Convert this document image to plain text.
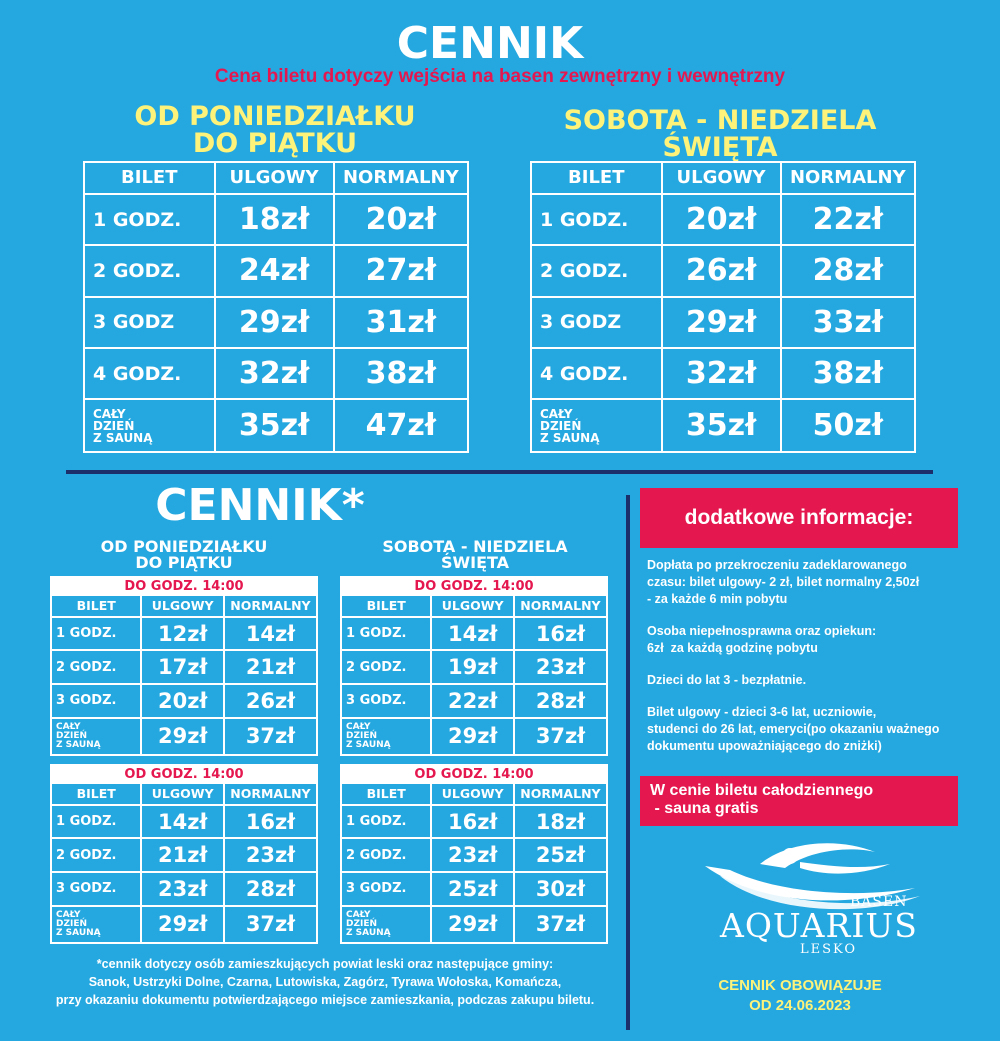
CENNIK
Cena biletu dotyczy wejścia na basen zewnętrzny i wewnętrzny
OD PONIEDZIAŁKU
DO PIĄTKU
SOBOTA - NIEDZIELA
ŚWIĘTA
BILET	ULGOWY	NORMALNY
1 GODZ.	18zł	20zł
2 GODZ.	24zł	27zł
3 GODZ	29zł	31zł
4 GODZ.	32zł	38zł

CAŁY
DZIEŃ
Z SAUNĄ	35zł	47zł
BILET	ULGOWY	NORMALNY
1 GODZ.	20zł	22zł
2 GODZ.	26zł	28zł
3 GODZ	29zł	33zł
4 GODZ.	32zł	38zł

CAŁY
DZIEŃ
Z SAUNĄ	35zł	50zł
CENNIK*
OD PONIEDZIAŁKU
DO PIĄTKU
SOBOTA - NIEDZIELA
ŚWIĘTA
DO GODZ. 14:00		
BILET	ULGOWY	NORMALNY
1 GODZ.	12zł	14zł
2 GODZ.	17zł	21zł
3 GODZ.	20zł	26zł

CAŁY
DZIEŃ
Z SAUNĄ	29zł	37zł
DO GODZ. 14:00		
BILET	ULGOWY	NORMALNY
1 GODZ.	14zł	16zł
2 GODZ.	19zł	23zł
3 GODZ.	22zł	28zł

CAŁY
DZIEŃ
Z SAUNĄ	29zł	37zł
OD GODZ. 14:00		
BILET	ULGOWY	NORMALNY
1 GODZ.	14zł	16zł
2 GODZ.	21zł	23zł
3 GODZ.	23zł	28zł

CAŁY
DZIEŃ
Z SAUNĄ	29zł	37zł
OD GODZ. 14:00		
BILET	ULGOWY	NORMALNY
1 GODZ.	16zł	18zł
2 GODZ.	23zł	25zł
3 GODZ.	25zł	30zł

CAŁY
DZIEŃ
Z SAUNĄ	29zł	37zł
*cennik dotyczy osób zamieszkujących powiat leski oraz następujące gminy:
Sanok, Ustrzyki Dolne, Czarna, Lutowiska, Zagórz, Tyrawa Wołoska, Komańcza,
przy okazaniu dokumentu potwierdzającego miejsce zamieszkania, podczas zakupu biletu.
dodatkowe informacje:

Dopłata po przekroczeniu zadeklarowanego
czasu: bilet ulgowy- 2 zł, bilet normalny 2,50zł
- za każde 6 min pobytu

Osoba niepełnosprawna oraz opiekun:
6zł  za każdą godzinę pobytu

Dzieci do lat 3 - bezpłatnie.

Bilet ulgowy - dzieci 3-6 lat, uczniowie,
studenci do 26 lat, emeryci(po okazaniu ważnego
dokumentu upoważniającego do zniżki)

W cenie biletu całodziennego
- sauna gratis
BASEN
AQUARIUS
LESKO
CENNIK OBOWIĄZUJE
OD 24.06.2023
